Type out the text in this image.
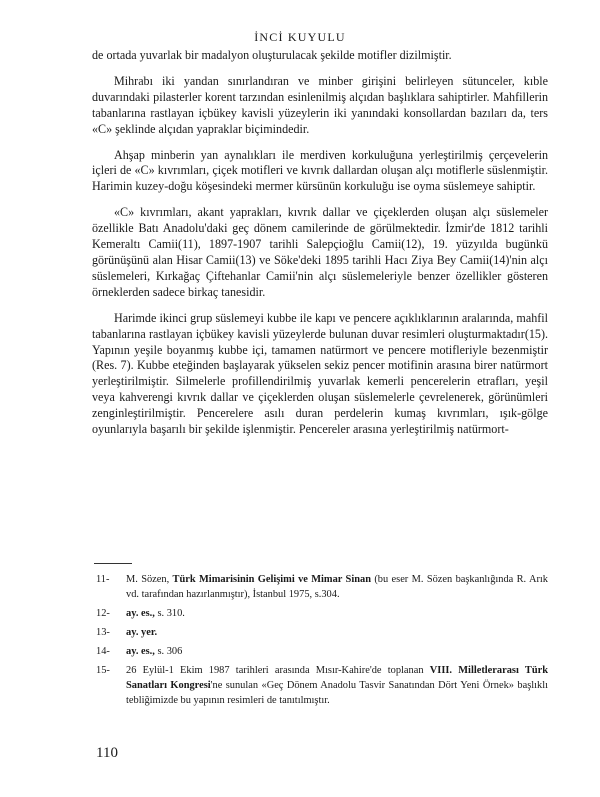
İNCİ KUYULU

de ortada yuvarlak bir madalyon oluşturulacak şekilde motifler dizilmiştir.

Mihrabı iki yandan sınırlandıran ve minber girişini belirleyen sütunceler, kıble duvarındaki pilasterler korent tarzından esinlenilmiş alçıdan başlıklara sahiptirler. Mahfillerin tabanlarına rastlayan içbükey kavisli yüzeylerin iki yanındaki konsollardan bazıları da, ters «C» şeklinde alçıdan yapraklar biçimindedir.

Ahşap minberin yan aynalıkları ile merdiven korkuluğuna yerleştirilmiş çerçevelerin içleri de «C» kıvrımları, çiçek motifleri ve kıvrık dallardan oluşan alçı motiflerle süslenmiştir. Harimin kuzey-doğu köşesindeki mermer kürsünün korkuluğu ise oyma süslemeye sahiptir.

«C» kıvrımları, akant yaprakları, kıvrık dallar ve çiçeklerden oluşan alçı süslemeler özellikle Batı Anadolu'daki geç dönem camilerinde de görülmektedir. İzmir'de 1812 tarihli Kemeraltı Camii(11), 1897-1907 tarihli Salepçioğlu Camii(12), 19. yüzyılda bugünkü görünüşünü alan Hisar Camii(13) ve Söke'deki 1895 tarihli Hacı Ziya Bey Camii(14)'nin alçı süslemeleri, Kırkağaç Çiftehanlar Camii'nin alçı süslemeleriyle benzer özellikler gösteren örneklerden sadece birkaç tanesidir.

Harimde ikinci grup süslemeyi kubbe ile kapı ve pencere açıklıklarının aralarında, mahfil tabanlarına rastlayan içbükey kavisli yüzeylerde bulunan duvar resimleri oluşturmaktadır(15). Yapının yeşile boyanmış kubbe içi, tamamen natürmort ve pencere motifleriyle bezenmiştir (Res. 7). Kubbe eteğinden başlayarak yükselen sekiz pencer motifinin arasına birer natürmort yerleştirilmiştir. Silmelerle profillendirilmiş yuvarlak kemerli pencerelerin etrafları, yeşil veya kahverengi kıvrık dallar ve çiçeklerden oluşan süslemelerle çevrelenerek, görünümleri zenginleştirilmiştir. Pencerelere asılı duran perdelerin kumaş kıvrımları, ışık-gölge oyunlarıyla başarılı bir şekilde işlenmiştir. Pencereler arasına yerleştirilmiş natürmort-

11-	M. Sözen, Türk Mimarisinin Gelişimi ve Mimar Sinan (bu eser M. Sözen başkanlığında R. Arık vd. tarafından hazırlanmıştır), İstanbul 1975, s.304.
12-	ay. es., s. 310.
13-	ay. yer.
14-	ay. es., s. 306
15-	26 Eylül-1 Ekim 1987 tarihleri arasında Mısır-Kahire'de toplanan VIII. Milletlerarası Türk Sanatları Kongresi'ne sunulan «Geç Dönem Anadolu Tasvir Sanatından Dört Yeni Örnek» başlıklı tebliğimizde bu yapının resimleri de tanıtılmıştır.
110
